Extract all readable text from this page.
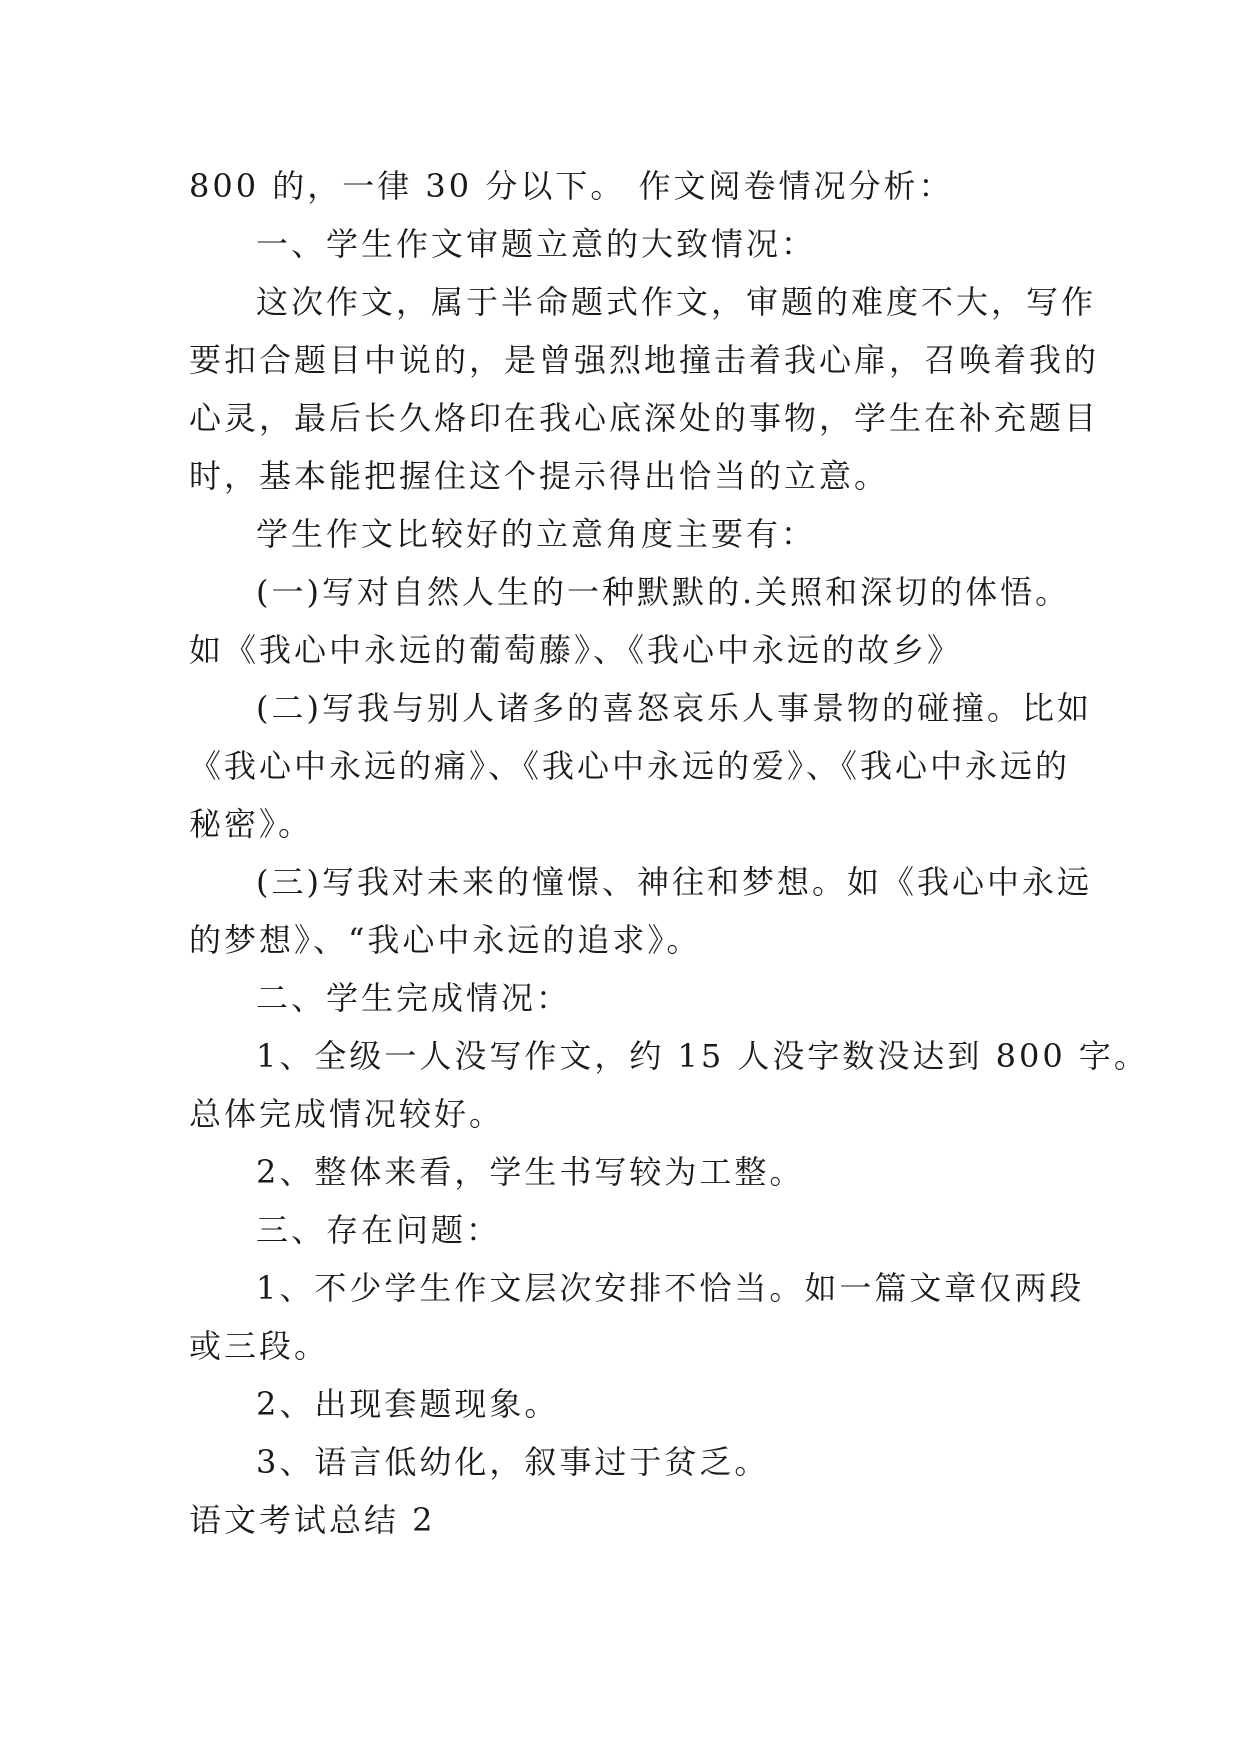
800 的，一律 30 分以下。 作文阅卷情况分析：

一、学生作文审题立意的大致情况：

这次作文，属于半命题式作文，审题的难度不大，写作

要扣合题目中说的，是曾强烈地撞击着我心扉，召唤着我的

心灵，最后长久烙印在我心底深处的事物，学生在补充题目

时，基本能把握住这个提示得出恰当的立意。

学生作文比较好的立意角度主要有：

(一)写对自然人生的一种默默的.关照和深切的体悟。

如《我心中永远的葡萄藤》、《我心中永远的故乡》

(二)写我与别人诸多的喜怒哀乐人事景物的碰撞。比如

《我心中永远的痛》、《我心中永远的爱》、《我心中永远的

秘密》。

(三)写我对未来的憧憬、神往和梦想。如《我心中永远

的梦想》、“我心中永远的追求》。

二、学生完成情况：

1、全级一人没写作文，约 15 人没字数没达到 800 字。

总体完成情况较好。

2、整体来看，学生书写较为工整。

三、存在问题：

1、不少学生作文层次安排不恰当。如一篇文章仅两段

或三段。

2、出现套题现象。

3、语言低幼化，叙事过于贫乏。

语文考试总结 2
